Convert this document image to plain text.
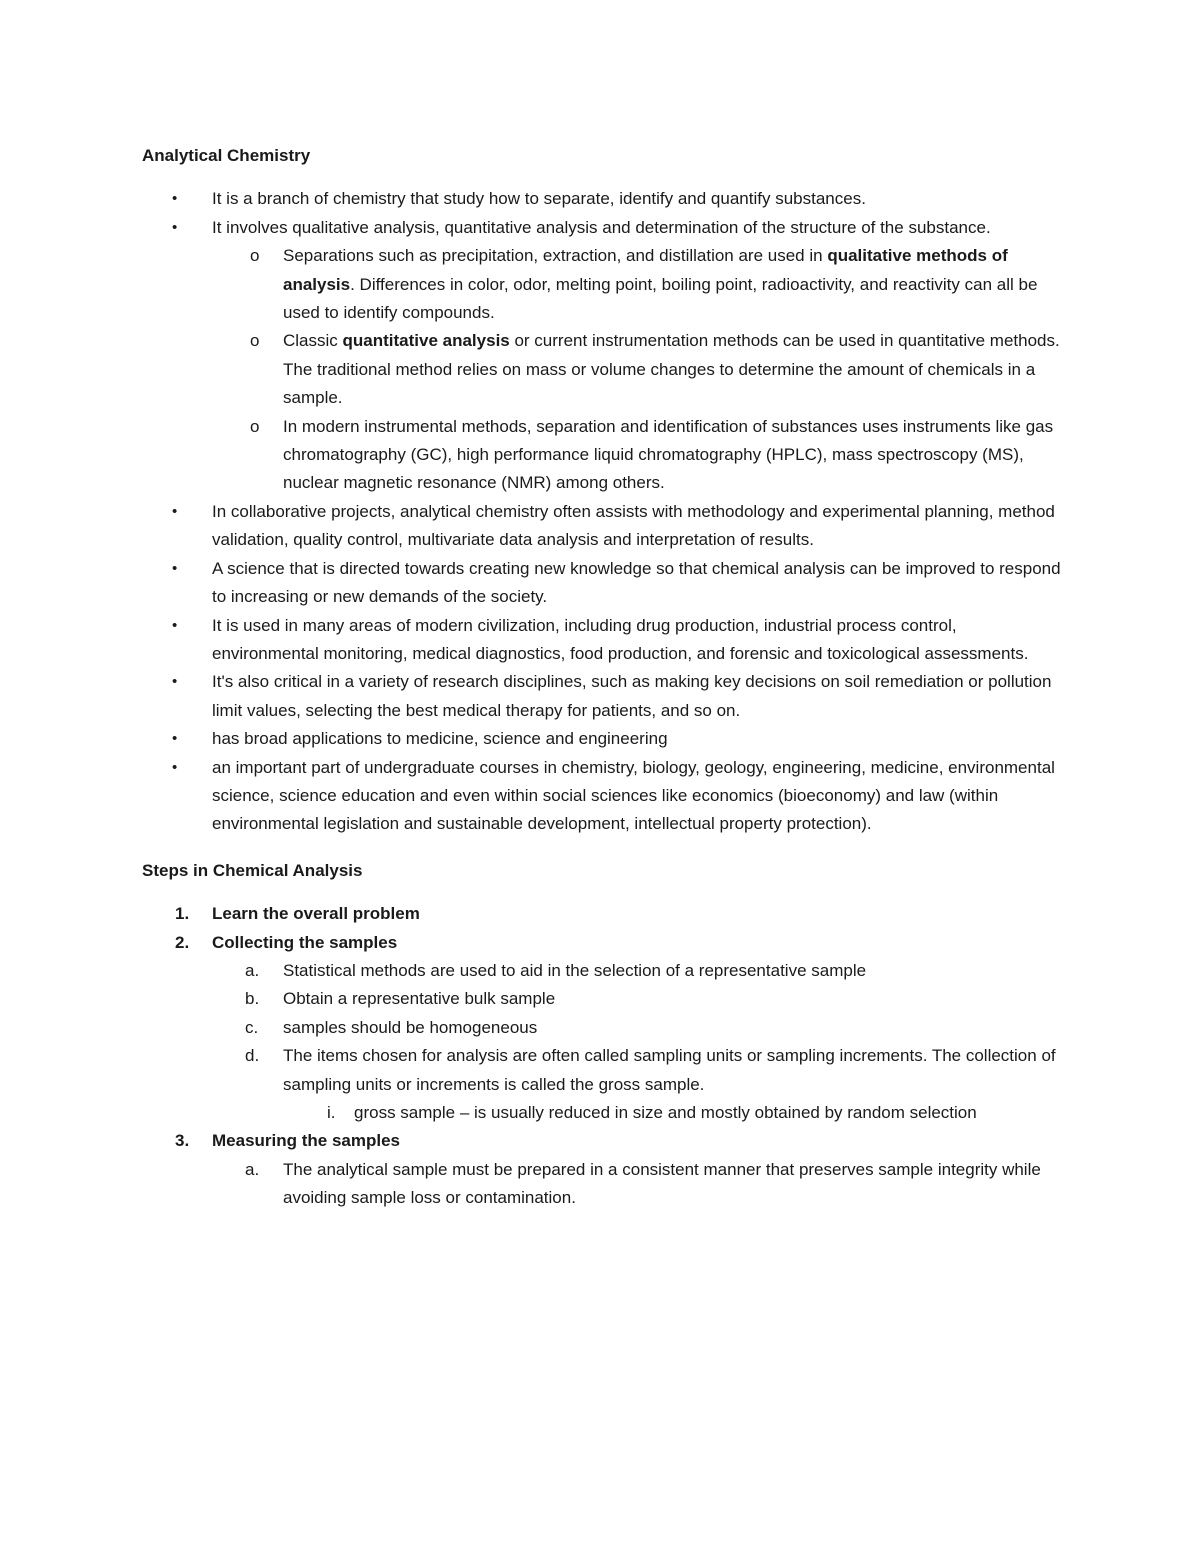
Analytical Chemistry

• It is a branch of chemistry that study how to separate, identify and quantify substances.
• It involves qualitative analysis, quantitative analysis and determination of the structure of the substance.
o Separations such as precipitation, extraction, and distillation are used in qualitative methods of analysis. Differences in color, odor, melting point, boiling point, radioactivity, and reactivity can all be used to identify compounds.
o Classic quantitative analysis or current instrumentation methods can be used in quantitative methods. The traditional method relies on mass or volume changes to determine the amount of chemicals in a sample.
o In modern instrumental methods, separation and identification of substances uses instruments like gas chromatography (GC), high performance liquid chromatography (HPLC), mass spectroscopy (MS), nuclear magnetic resonance (NMR) among others.
• In collaborative projects, analytical chemistry often assists with methodology and experimental planning, method validation, quality control, multivariate data analysis and interpretation of results.
• A science that is directed towards creating new knowledge so that chemical analysis can be improved to respond to increasing or new demands of the society.
• It is used in many areas of modern civilization, including drug production, industrial process control, environmental monitoring, medical diagnostics, food production, and forensic and toxicological assessments.
• It's also critical in a variety of research disciplines, such as making key decisions on soil remediation or pollution limit values, selecting the best medical therapy for patients, and so on.
• has broad applications to medicine, science and engineering
• an important part of undergraduate courses in chemistry, biology, geology, engineering, medicine, environmental science, science education and even within social sciences like economics (bioeconomy) and law (within environmental legislation and sustainable development, intellectual property protection).

Steps in Chemical Analysis

1. Learn the overall problem
2. Collecting the samples
a. Statistical methods are used to aid in the selection of a representative sample
b. Obtain a representative bulk sample
c. samples should be homogeneous
d. The items chosen for analysis are often called sampling units or sampling increments. The collection of sampling units or increments is called the gross sample.
i. gross sample – is usually reduced in size and mostly obtained by random selection
3. Measuring the samples
a. The analytical sample must be prepared in a consistent manner that preserves sample integrity while avoiding sample loss or contamination.
